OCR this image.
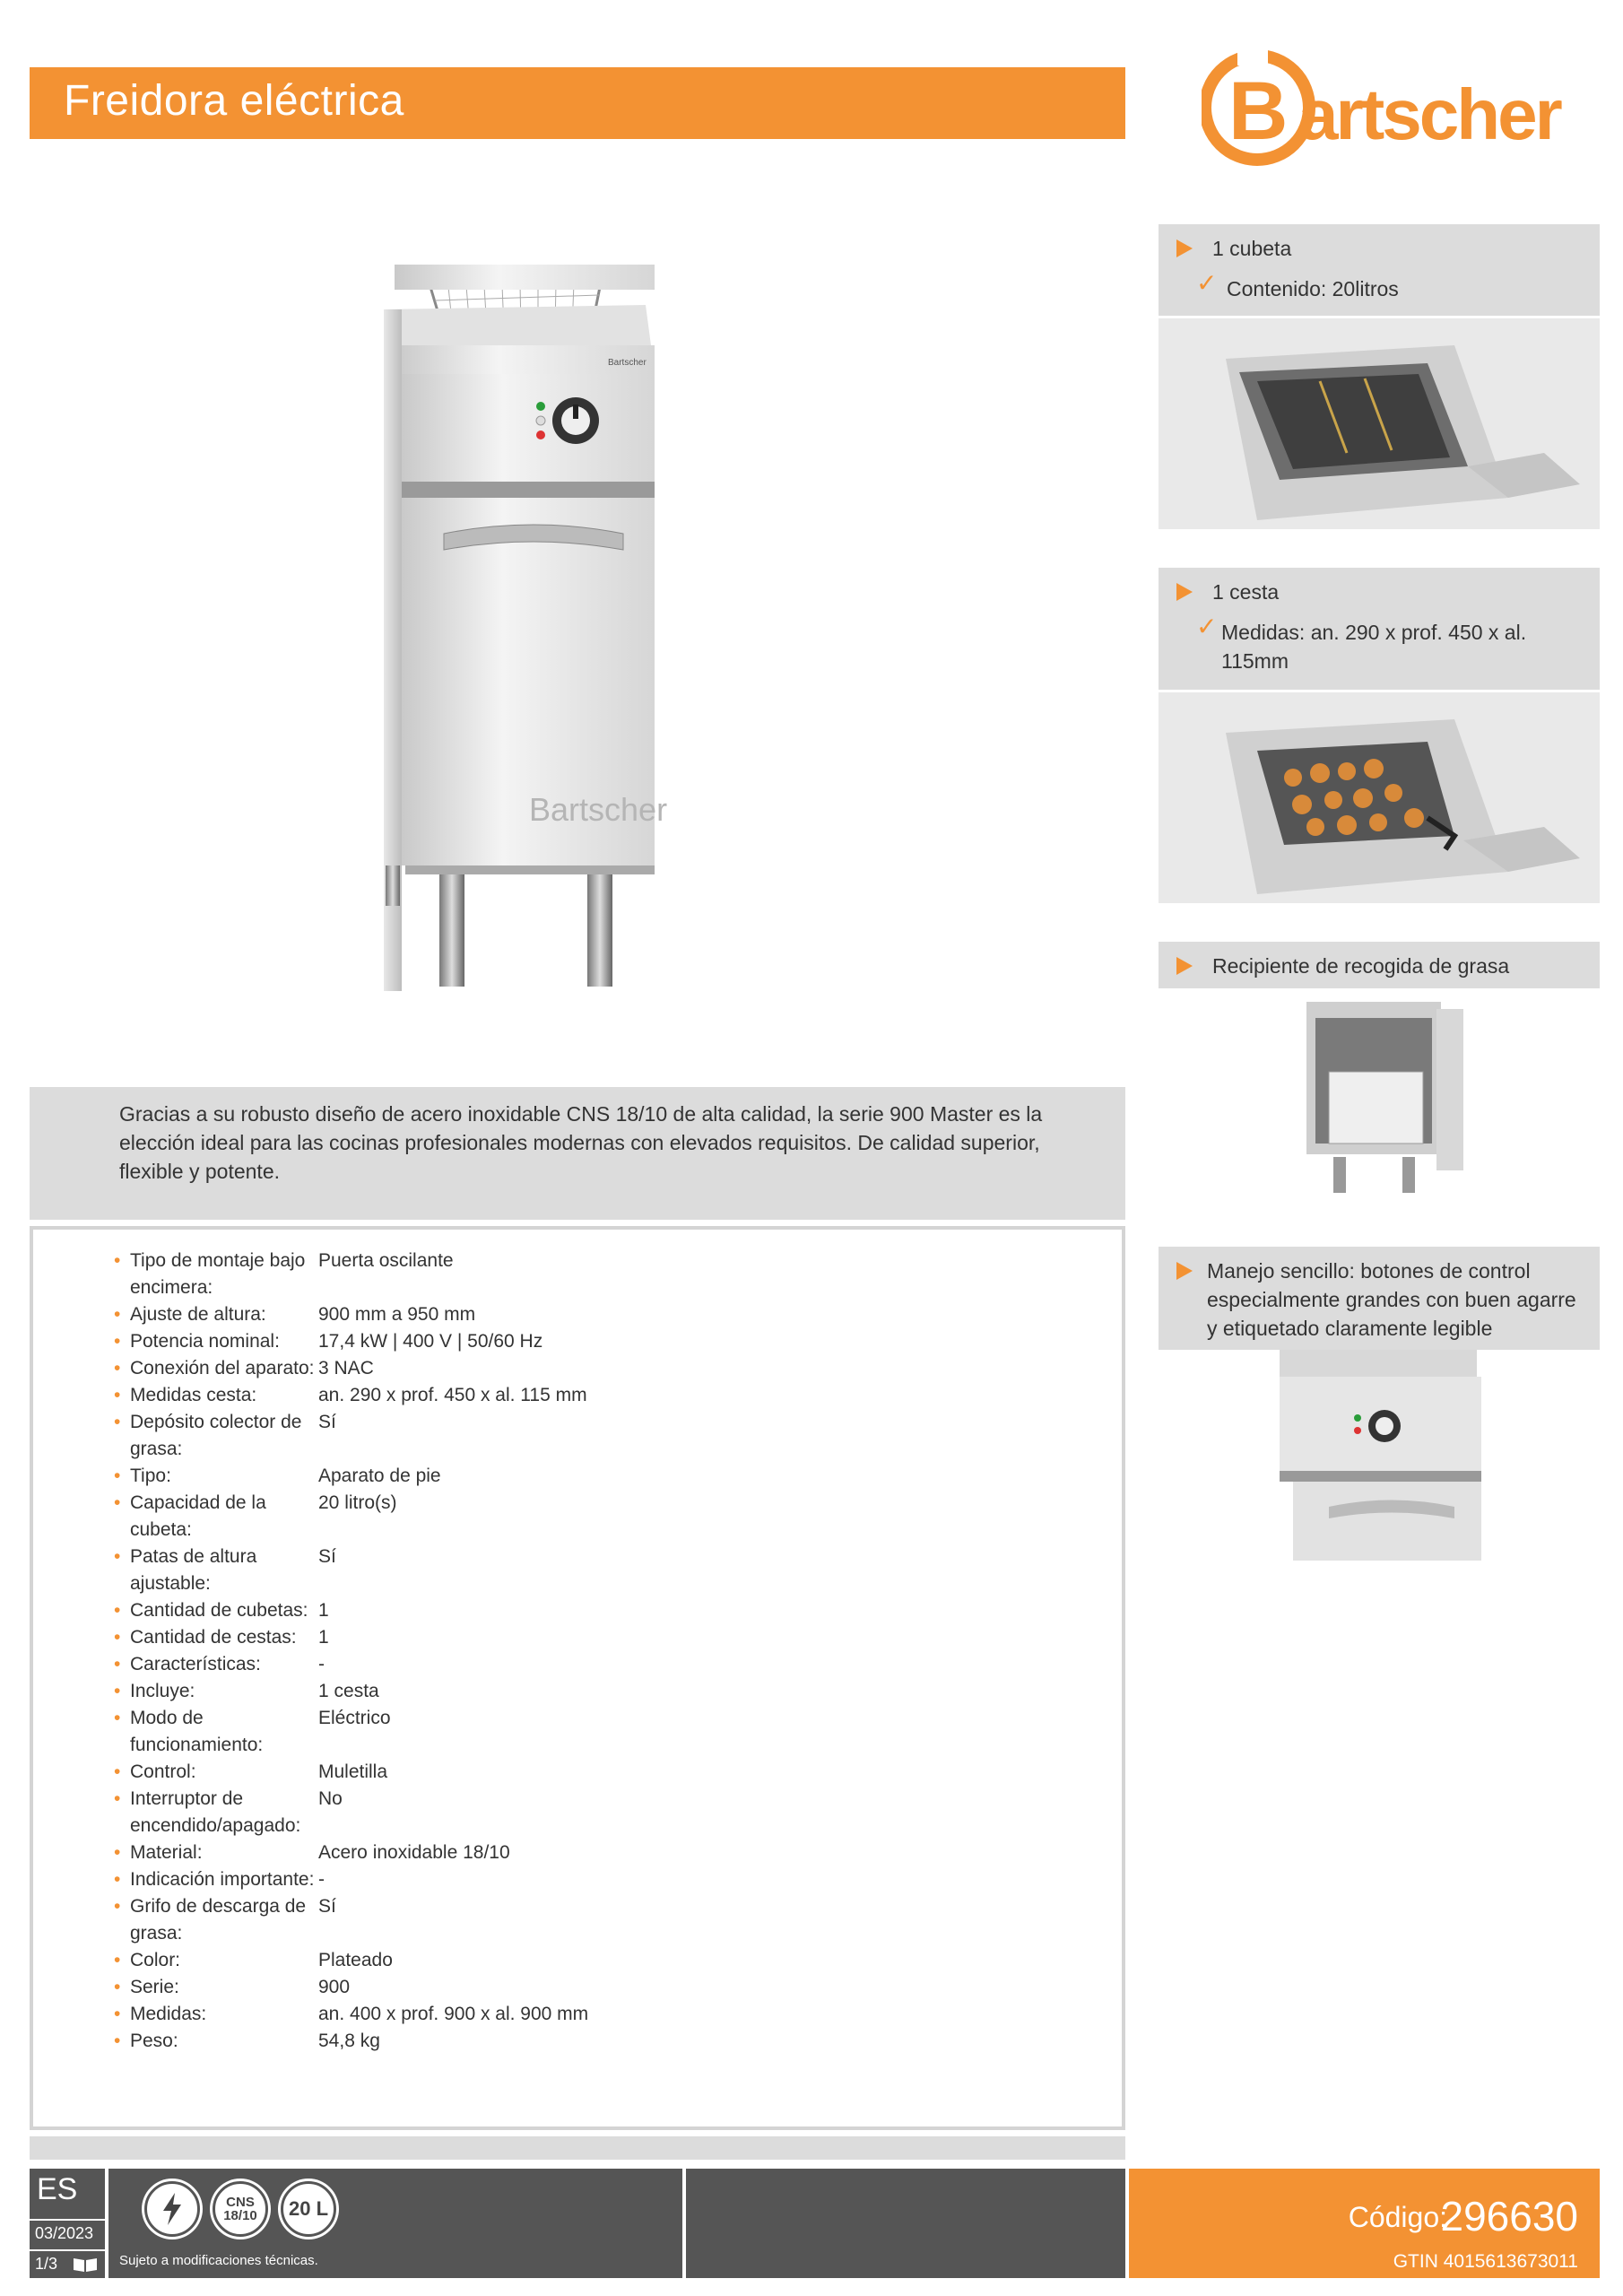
Freidora eléctrica	B artscher
Bartscher
Bartscher

Gracias a su robusto diseño de acero inoxidable CNS 18/10 de alta calidad, la serie 900 Master es la elección ideal para las cocinas profesionales modernas con elevados requisitos. De calidad superior, flexible y potente.

• Tipo de montaje bajo encimera:
Puerta oscilante
• Ajuste de altura:	900 mm a 950 mm
• Potencia nominal:	17,4 kW | 400 V | 50/60 Hz
• Conexión del aparato: 3 NAC
• Medidas cesta:	an. 290 x prof. 450 x al. 115 mm
• Depósito colector de grasa:
Sí
• Tipo:	Aparato de pie
• Capacidad de la cubeta:
20 litro(s)
• Patas de altura ajustable:
Sí
• Cantidad de cubetas: 1
• Cantidad de cestas:	1
• Características:	-
• Incluye:	1 cesta
• Modo de funcionamiento:
Eléctrico
• Control:	Muletilla
• Interruptor de encendido/apagado:
No
• Material:	Acero inoxidable 18/10
• Indicación importante: -
• Grifo de descarga de grasa:
Sí
• Color:	Plateado
• Serie:	900
• Medidas:	an. 400 x prof. 900 x al. 900 mm
• Peso:	54,8 kg
1 cubeta
✓ Contenido: 20litros
1 cesta
✓ Medidas: an. 290 x prof. 450 x al. 115mm
Recipiente de recogida de grasa
Manejo sencillo: botones de control especialmente grandes con buen agarre y etiquetado claramente legible
ES
03/2023
1/3
CNS
18/10 20 L
Sujeto a modificaciones técnicas.
Código:
296630
GTIN 4015613673011
